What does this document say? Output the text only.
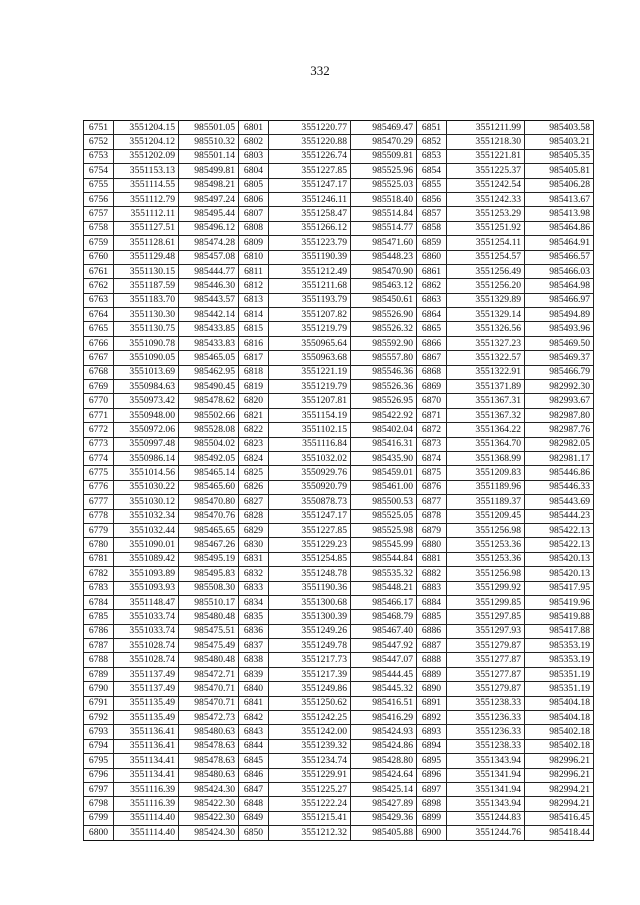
332
6751	3551204.15	985501.05	6801	3551220.77	985469.47	6851	3551211.99	985403.58
6752	3551204.12	985510.32	6802	3551220.88	985470.29	6852	3551218.30	985403.21
6753	3551202.09	985501.14	6803	3551226.74	985509.81	6853	3551221.81	985405.35
6754	3551153.13	985499.81	6804	3551227.85	985525.96	6854	3551225.37	985405.81
6755	3551114.55	985498.21	6805	3551247.17	985525.03	6855	3551242.54	985406.28
6756	3551112.79	985497.24	6806	3551246.11	985518.40	6856	3551242.33	985413.67
6757	3551112.11	985495.44	6807	3551258.47	985514.84	6857	3551253.29	985413.98
6758	3551127.51	985496.12	6808	3551266.12	985514.77	6858	3551251.92	985464.86
6759	3551128.61	985474.28	6809	3551223.79	985471.60	6859	3551254.11	985464.91
6760	3551129.48	985457.08	6810	3551190.39	985448.23	6860	3551254.57	985466.57
6761	3551130.15	985444.77	6811	3551212.49	985470.90	6861	3551256.49	985466.03
6762	3551187.59	985446.30	6812	3551211.68	985463.12	6862	3551256.20	985464.98
6763	3551183.70	985443.57	6813	3551193.79	985450.61	6863	3551329.89	985466.97
6764	3551130.30	985442.14	6814	3551207.82	985526.90	6864	3551329.14	985494.89
6765	3551130.75	985433.85	6815	3551219.79	985526.32	6865	3551326.56	985493.96
6766	3551090.78	985433.83	6816	3550965.64	985592.90	6866	3551327.23	985469.50
6767	3551090.05	985465.05	6817	3550963.68	985557.80	6867	3551322.57	985469.37
6768	3551013.69	985462.95	6818	3551221.19	985546.36	6868	3551322.91	985466.79
6769	3550984.63	985490.45	6819	3551219.79	985526.36	6869	3551371.89	982992.30
6770	3550973.42	985478.62	6820	3551207.81	985526.95	6870	3551367.31	982993.67
6771	3550948.00	985502.66	6821	3551154.19	985422.92	6871	3551367.32	982987.80
6772	3550972.06	985528.08	6822	3551102.15	985402.04	6872	3551364.22	982987.76
6773	3550997.48	985504.02	6823	3551116.84	985416.31	6873	3551364.70	982982.05
6774	3550986.14	985492.05	6824	3551032.02	985435.90	6874	3551368.99	982981.17
6775	3551014.56	985465.14	6825	3550929.76	985459.01	6875	3551209.83	985446.86
6776	3551030.22	985465.60	6826	3550920.79	985461.00	6876	3551189.96	985446.33
6777	3551030.12	985470.80	6827	3550878.73	985500.53	6877	3551189.37	985443.69
6778	3551032.34	985470.76	6828	3551247.17	985525.05	6878	3551209.45	985444.23
6779	3551032.44	985465.65	6829	3551227.85	985525.98	6879	3551256.98	985422.13
6780	3551090.01	985467.26	6830	3551229.23	985545.99	6880	3551253.36	985422.13
6781	3551089.42	985495.19	6831	3551254.85	985544.84	6881	3551253.36	985420.13
6782	3551093.89	985495.83	6832	3551248.78	985535.32	6882	3551256.98	985420.13
6783	3551093.93	985508.30	6833	3551190.36	985448.21	6883	3551299.92	985417.95
6784	3551148.47	985510.17	6834	3551300.68	985466.17	6884	3551299.85	985419.96
6785	3551033.74	985480.48	6835	3551300.39	985468.79	6885	3551297.85	985419.88
6786	3551033.74	985475.51	6836	3551249.26	985467.40	6886	3551297.93	985417.88
6787	3551028.74	985475.49	6837	3551249.78	985447.92	6887	3551279.87	985353.19
6788	3551028.74	985480.48	6838	3551217.73	985447.07	6888	3551277.87	985353.19
6789	3551137.49	985472.71	6839	3551217.39	985444.45	6889	3551277.87	985351.19
6790	3551137.49	985470.71	6840	3551249.86	985445.32	6890	3551279.87	985351.19
6791	3551135.49	985470.71	6841	3551250.62	985416.51	6891	3551238.33	985404.18
6792	3551135.49	985472.73	6842	3551242.25	985416.29	6892	3551236.33	985404.18
6793	3551136.41	985480.63	6843	3551242.00	985424.93	6893	3551236.33	985402.18
6794	3551136.41	985478.63	6844	3551239.32	985424.86	6894	3551238.33	985402.18
6795	3551134.41	985478.63	6845	3551234.74	985428.80	6895	3551343.94	982996.21
6796	3551134.41	985480.63	6846	3551229.91	985424.64	6896	3551341.94	982996.21
6797	3551116.39	985424.30	6847	3551225.27	985425.14	6897	3551341.94	982994.21
6798	3551116.39	985422.30	6848	3551222.24	985427.89	6898	3551343.94	982994.21
6799	3551114.40	985422.30	6849	3551215.41	985429.36	6899	3551244.83	985416.45
6800	3551114.40	985424.30	6850	3551212.32	985405.88	6900	3551244.76	985418.44
